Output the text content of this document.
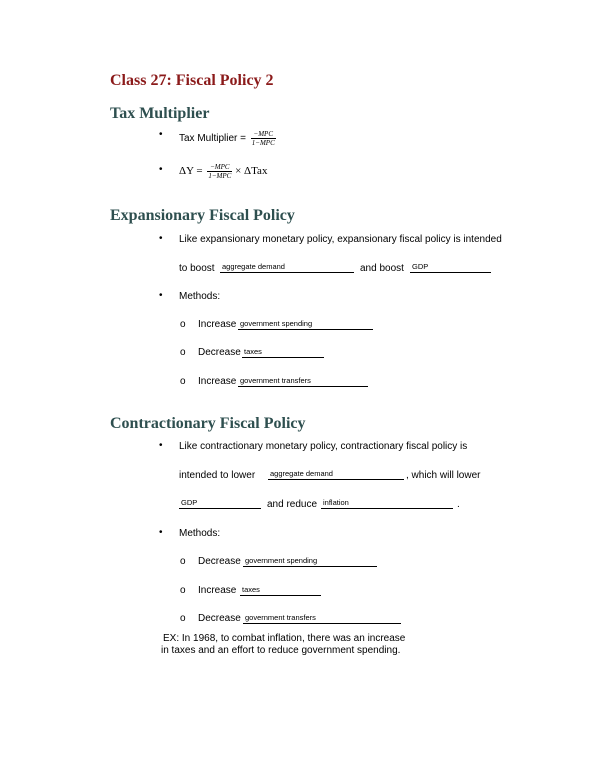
Class 27: Fiscal Policy 2
Tax Multiplier
Tax Multiplier = $\frac{\text{−MPC}}{\text{1−MPC}}$
$\Delta Y = \frac{\text{−MPC}}{\text{1−MPC}} \times \Delta Tax$
Expansionary Fiscal Policy
Like expansionary monetary policy, expansionary fiscal policy is intended
to boost aggregate demand	and boost GDP
Methods:
o Increase government spending
o Decrease taxes
o Increase government transfers
Contractionary Fiscal Policy
Like contractionary monetary policy, contractionary fiscal policy is
intended to lower aggregate demand	, which will lower
GDP	and reduce inflation	.
Methods:
o Decrease government spending
o Increase taxes
o Decrease government transfers
EX: In 1968, to combat inflation, there was an increase
in taxes and an effort to reduce government spending.
